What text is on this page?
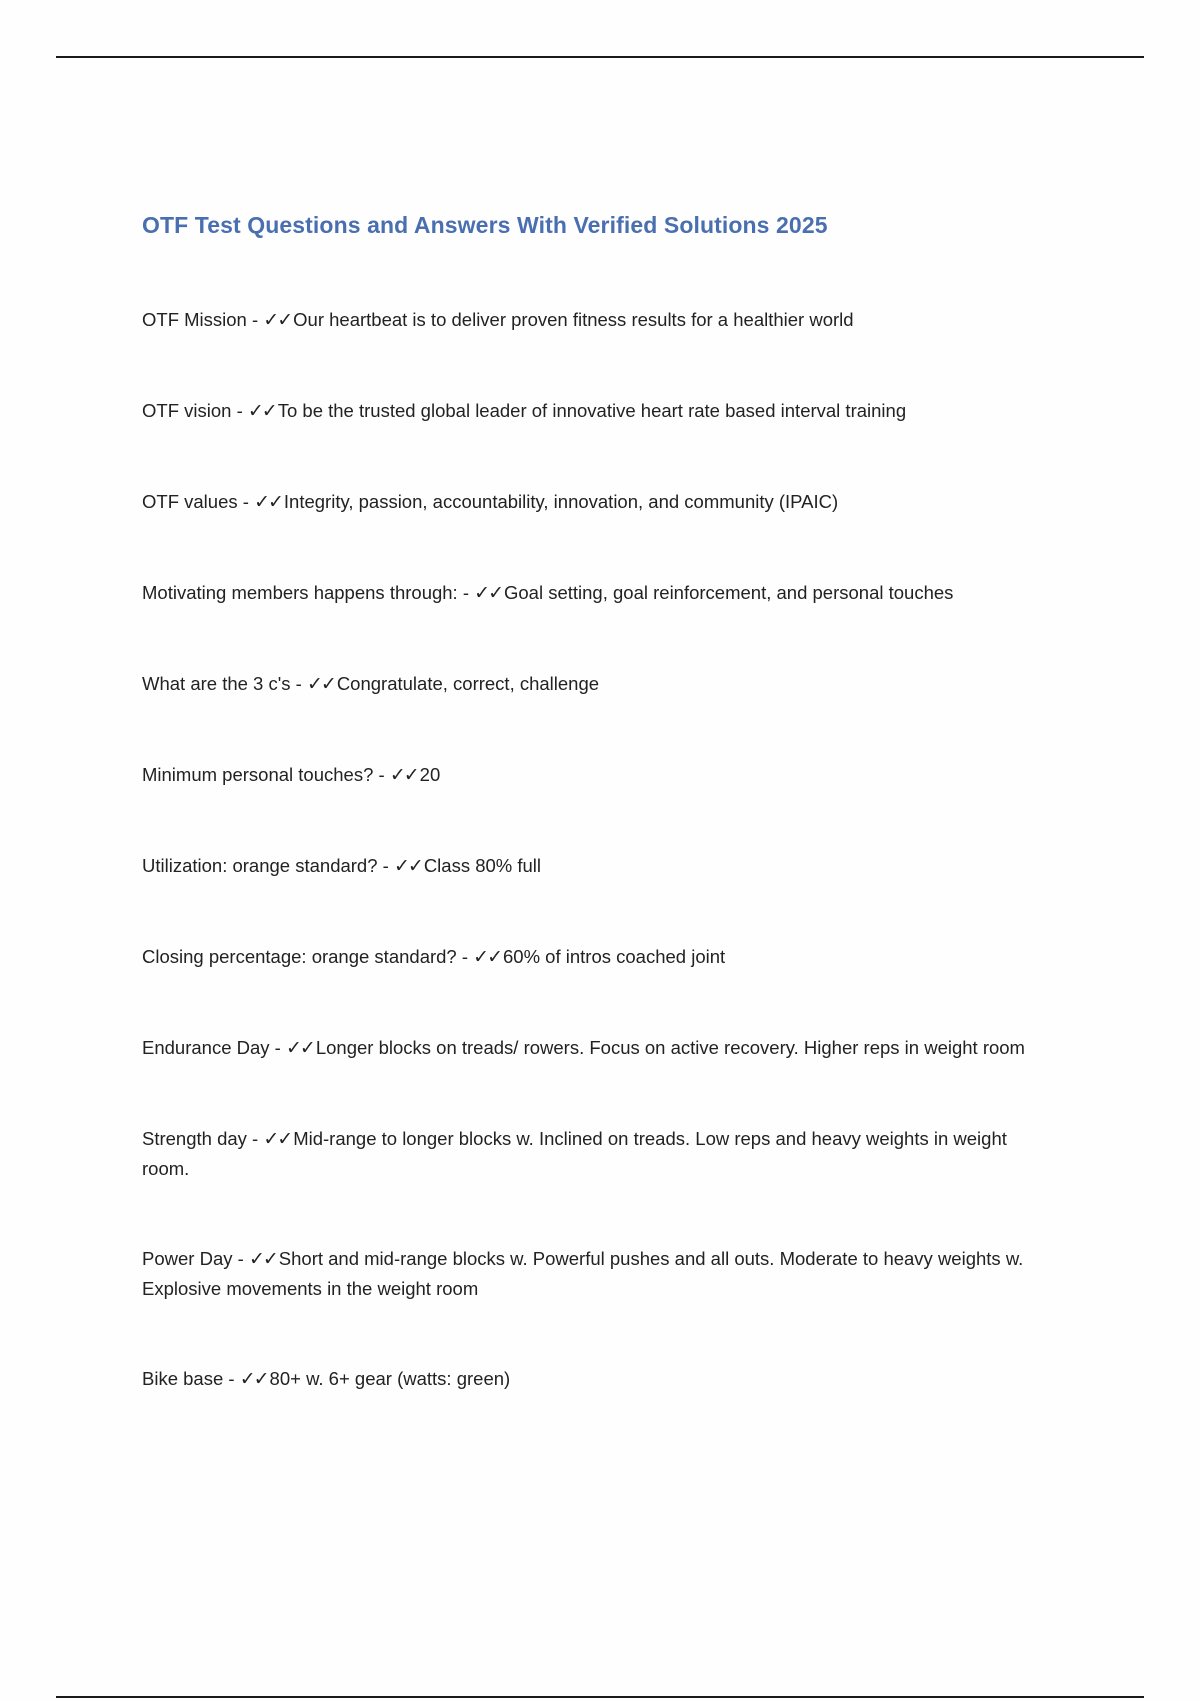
OTF Test Questions and Answers With Verified Solutions 2025

OTF Mission - ✓✓ Our heartbeat is to deliver proven fitness results for a healthier world

OTF vision - ✓✓ To be the trusted global leader of innovative heart rate based interval training

OTF values - ✓✓ Integrity, passion, accountability, innovation, and community (IPAIC)

Motivating members happens through: - ✓✓ Goal setting, goal reinforcement, and personal touches

What are the 3 c's - ✓✓ Congratulate, correct, challenge

Minimum personal touches? - ✓✓ 20

Utilization: orange standard? - ✓✓ Class 80% full

Closing percentage: orange standard? - ✓✓ 60% of intros coached joint

Endurance Day - ✓✓ Longer blocks on treads/ rowers. Focus on active recovery. Higher reps in weight room

Strength day - ✓✓ Mid-range to longer blocks w. Inclined on treads. Low reps and heavy weights in weight room.

Power Day - ✓✓ Short and mid-range blocks w. Powerful pushes and all outs. Moderate to heavy weights w. Explosive movements in the weight room

Bike base - ✓✓ 80+ w. 6+ gear (watts: green)
